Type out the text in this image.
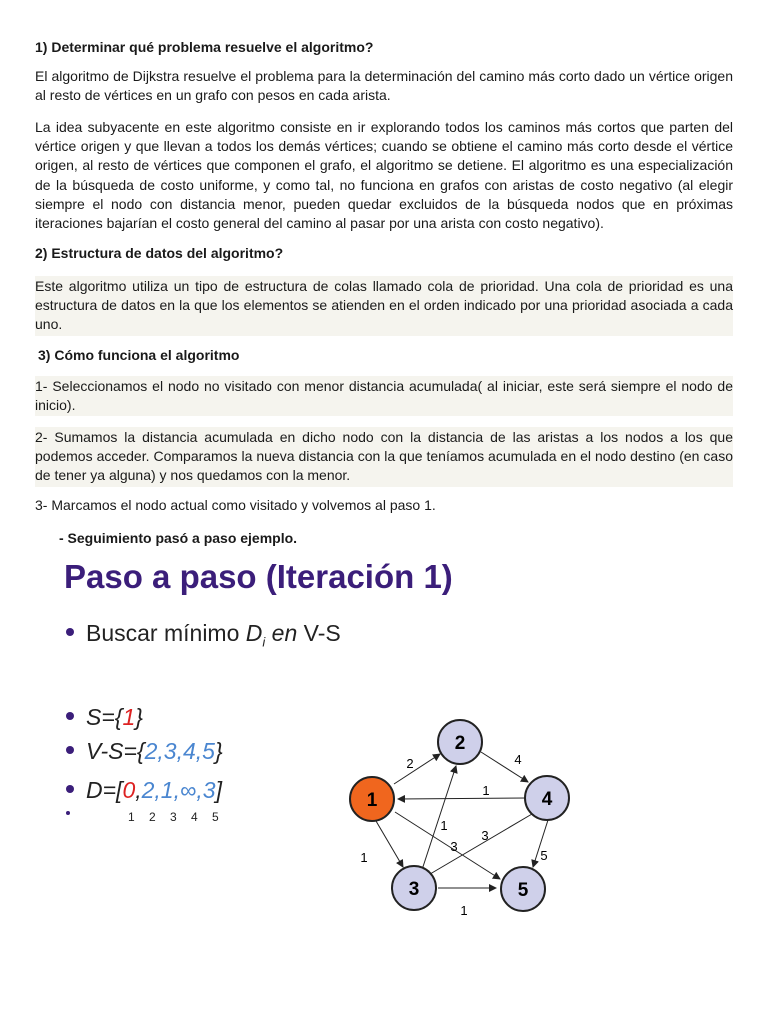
1) Determinar qué problema resuelve el algoritmo?

El algoritmo de Dijkstra resuelve el problema para la determinación del camino más corto dado un vértice origen al resto de vértices en un grafo con pesos en cada arista.

La idea subyacente en este algoritmo consiste en ir explorando todos los caminos más cortos que parten del vértice origen y que llevan a todos los demás vértices; cuando se obtiene el camino más corto desde el vértice origen, al resto de vértices que componen el grafo, el algoritmo se detiene. El algoritmo es una especialización de la búsqueda de costo uniforme, y como tal, no funciona en grafos con aristas de costo negativo (al elegir siempre el nodo con distancia menor, pueden quedar excluidos de la búsqueda nodos que en próximas iteraciones bajarían el costo general del camino al pasar por una arista con costo negativo).

2) Estructura de datos del algoritmo?

Este algoritmo utiliza un tipo de estructura de colas llamado cola de prioridad. Una cola de prioridad es una estructura de datos en la que los elementos se atienden en el orden indicado por una prioridad asociada a cada uno.

3) Cómo funciona el algoritmo

1- Seleccionamos el nodo no visitado con menor distancia acumulada( al iniciar, este será siempre el nodo de inicio).

2- Sumamos la distancia acumulada en dicho nodo con la distancia de las aristas a los nodos a los que podemos acceder. Comparamos la nueva distancia con la que teníamos acumulada en el nodo destino (en caso de tener ya alguna) y nos quedamos con la menor.

3- Marcamos el nodo actual como visitado y volvemos al paso 1.

- Seguimiento pasó a paso ejemplo.

Paso a paso (Iteración 1)

Buscar mínimo $D_i$ en V-S
S={1}
V-S={2,3,4,5}
D=[0,2,1,∞,3]
1 2 3 4 5
2	4
1
1
1
3
3
5
1
1
2
3
4
5
